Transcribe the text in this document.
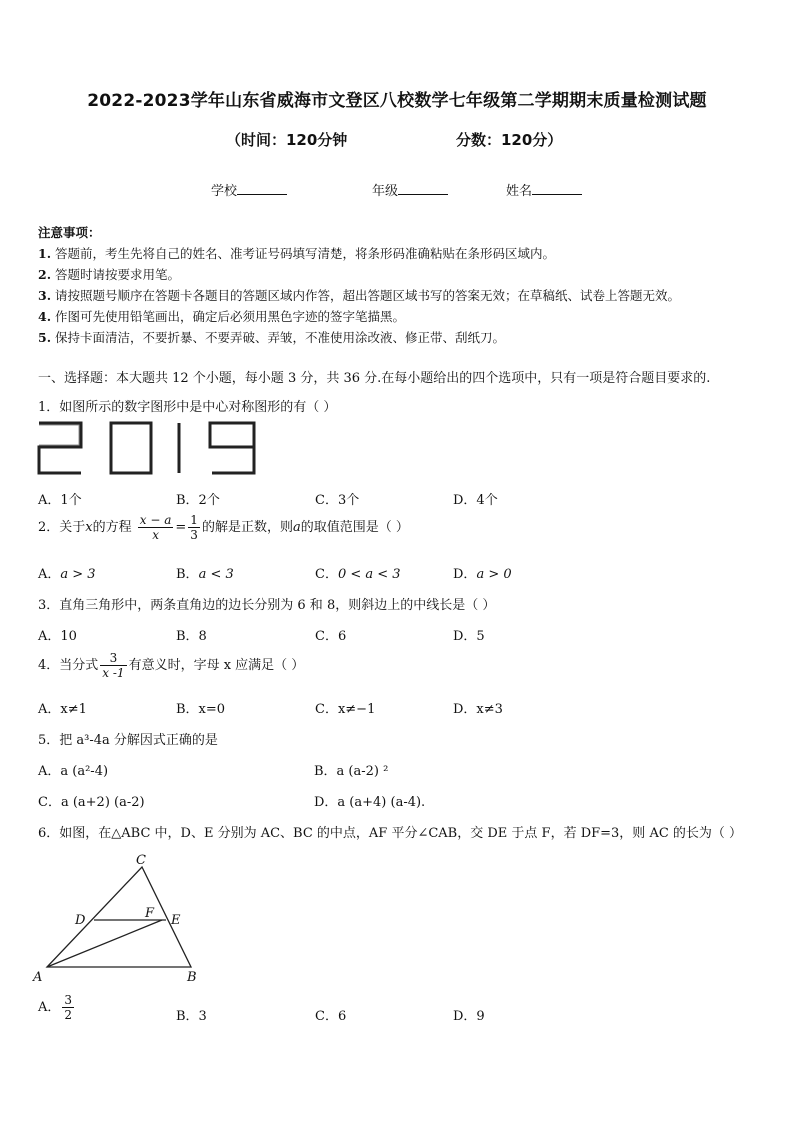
2022-2023学年山东省威海市文登区八校数学七年级第二学期期末质量检测试题
（时间：120分钟	分数：120分）
学校	年级	姓名
注意事项：
1. 答题前，考生先将自己的姓名、准考证号码填写清楚，将条形码准确粘贴在条形码区域内。
2. 答题时请按要求用笔。
3. 请按照题号顺序在答题卡各题目的答题区域内作答，超出答题区域书写的答案无效；在草稿纸、试卷上答题无效。
4. 作图可先使用铅笔画出，确定后必须用黑色字迹的签字笔描黑。
5. 保持卡面清洁，不要折暴、不要弄破、弄皱，不准使用涂改液、修正带、刮纸刀。
一、选择题：本大题共 12 个小题，每小题 3 分，共 36 分.在每小题给出的四个选项中，只有一项是符合题目要求的.
1．如图所示的数字图形中是中心对称图形的有（ ）
A．1个	B．2个	C．3个	D．4个
2．关于x的方程 $\frac{x - a}{x} = \frac{1}{3}$ 的解是正数，则a的取值范围是（ ）
A．a > 3	B．a < 3	C．0 < a < 3	D．a > 0
3．直角三角形中，两条直角边的边长分别为 6 和 8，则斜边上的中线长是（ ）
A．10	B．8	C．6	D．5
4．当分式 $\frac{3}{x -1}$ 有意义时，字母 x 应满足（ ）
A．x≠1	B．x=0	C．x≠−1	D．x≠3
5．把 a³-4a 分解因式正确的是
A．a (a²-4)	B．a (a-2) ²
C．a (a+2) (a-2)	D．a (a+4) (a-4).
6．如图，在△ABC 中，D、E 分别为 AC、BC 的中点，AF 平分∠CAB，交 DE 于点 F，若 DF=3，则 AC 的长为（ ）
A	B
C
D	E
F
A． $\frac{3}{2}$	B．3	C．6	D．9
